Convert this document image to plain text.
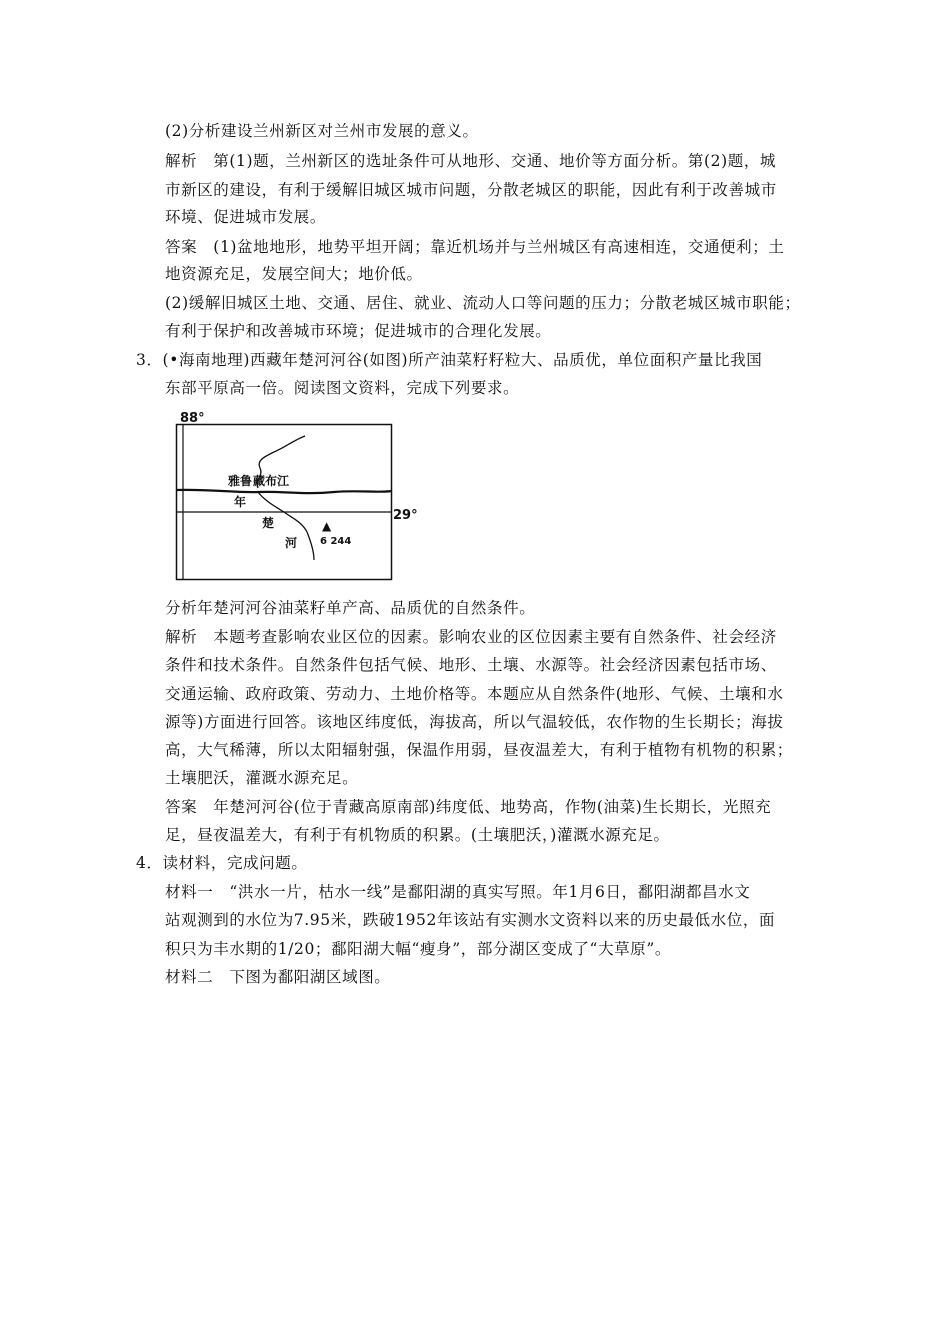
(2)分析建设兰州新区对兰州市发展的意义。
解析　第(1)题，兰州新区的选址条件可从地形、交通、地价等方面分析。第(2)题，城
市新区的建设，有利于缓解旧城区城市问题，分散老城区的职能，因此有利于改善城市
环境、促进城市发展。
答案　(1)盆地地形，地势平坦开阔；靠近机场并与兰州城区有高速相连，交通便利；土
地资源充足，发展空间大；地价低。
(2)缓解旧城区土地、交通、居住、就业、流动人口等问题的压力；分散老城区城市职能；
有利于保护和改善城市环境；促进城市的合理化发展。
3．(•海南地理)西藏年楚河河谷(如图)所产油菜籽籽粒大、品质优，单位面积产量比我国
东部平原高一倍。阅读图文资料，完成下列要求。
88°
29°
雅鲁 藏布江
年
楚
河
▲
6 244
分析年楚河河谷油菜籽单产高、品质优的自然条件。
解析　本题考查影响农业区位的因素。影响农业的区位因素主要有自然条件、社会经济
条件和技术条件。自然条件包括气候、地形、土壤、水源等。社会经济因素包括市场、
交通运输、政府政策、劳动力、土地价格等。本题应从自然条件(地形、气候、土壤和水
源等)方面进行回答。该地区纬度低，海拔高，所以气温较低，农作物的生长期长；海拔
高，大气稀薄，所以太阳辐射强，保温作用弱，昼夜温差大，有利于植物有机物的积累；
土壤肥沃，灌溉水源充足。
答案　年楚河河谷(位于青藏高原南部)纬度低、地势高，作物(油菜)生长期长，光照充
足，昼夜温差大，有利于有机物质的积累。(土壤肥沃，)灌溉水源充足。
4．读材料，完成问题。
材料一　“洪水一片，枯水一线”是鄱阳湖的真实写照。年1月6日，鄱阳湖都昌水文
站观测到的水位为7.95米，跌破1952年该站有实测水文资料以来的历史最低水位，面
积只为丰水期的1/20；鄱阳湖大幅“瘦身”，部分湖区变成了“大草原”。
材料二　下图为鄱阳湖区域图。
